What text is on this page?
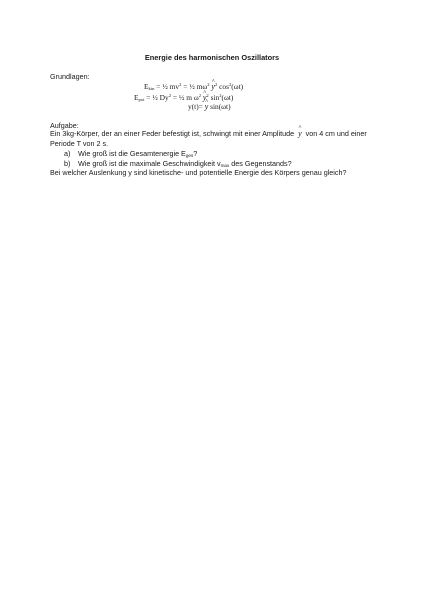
Energie des harmonischen Oszillators
Grundlagen:
$E_{kin}$ = ½ $mv^2$ = ½ $m\omega^2$ ^ $y^2$ $\cos^2(\omega t)$
$E_{pot}$ = ½ $Dy^2$ = ½ m $\omega^2$ ^ $y^2$ $\sin^2(\omega t)$
y(t)= ^ y sin(ωt)
Aufgabe:
Ein 3kg-Körper, der an einer Feder befestigt ist, schwingt mit einer Amplitude ^ y von 4 cm und einer
Periode T von 2 s.
a) Wie groß ist die Gesamtenergie $E_{ges}$?
b) Wie groß ist die maximale Geschwindigkeit $v_{max}$ des Gegenstands?
Bei welcher Auslenkung y sind kinetische- und potentielle Energie des Körpers genau gleich?
